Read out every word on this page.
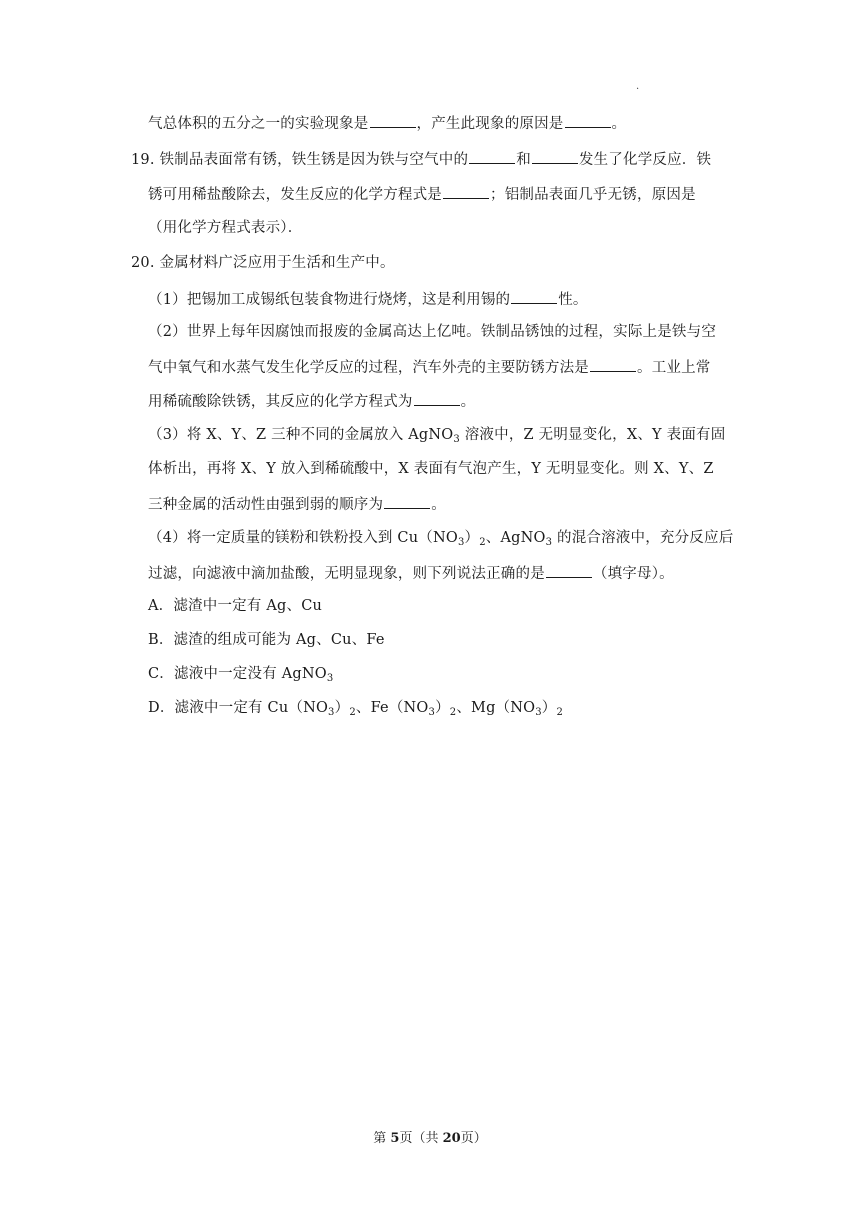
.
气总体积的五分之一的实验现象是	，产生此现象的原因是	。
19. 铁制品表面常有锈，铁生锈是因为铁与空气中的	和	发生了化学反应．铁
锈可用稀盐酸除去，发生反应的化学方程式是	；铝制品表面几乎无锈，原因是
（用化学方程式表示）．
20. 金属材料广泛应用于生活和生产中。
（1）把锡加工成锡纸包装食物进行烧烤，这是利用锡的	性。
（2）世界上每年因腐蚀而报废的金属高达上亿吨。铁制品锈蚀的过程，实际上是铁与空
气中氧气和水蒸气发生化学反应的过程，汽车外壳的主要防锈方法是	。工业上常
用稀硫酸除铁锈，其反应的化学方程式为	。
（3）将 X、Y、Z 三种不同的金属放入 AgNO$_3$ 溶液中，Z 无明显变化，X、Y 表面有固
体析出，再将 X、Y 放入到稀硫酸中，X 表面有气泡产生，Y 无明显变化。则 X、Y、Z
三种金属的活动性由强到弱的顺序为	。
（4）将一定质量的镁粉和铁粉投入到 $Cu(NO_3)_2$、AgNO$_3$ 的混合溶液中，充分反应后
过滤，向滤液中滴加盐酸，无明显现象，则下列说法正确的是	（填字母）。
A．滤渣中一定有 Ag、Cu
B．滤渣的组成可能为 Ag、Cu、Fe
C．滤液中一定没有 AgNO$_3$
D．滤液中一定有 $Cu(NO_3)_2$、$Fe(NO_3)_2$、$Mg(NO_3)_2$
第 5页（共 20页）
